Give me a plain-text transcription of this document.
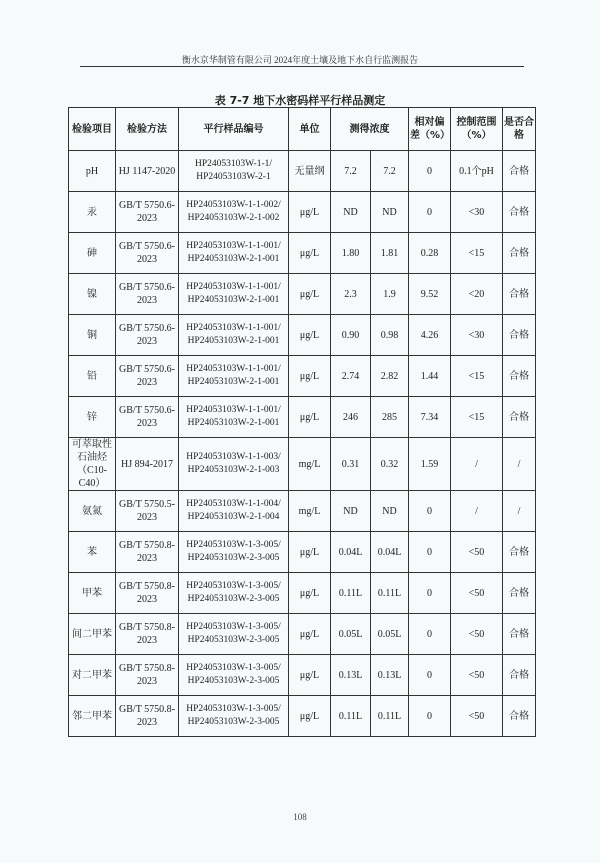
衡水京华制管有限公司 2024年度土壤及地下水自行监测报告
表 7-7 地下水密码样平行样品测定
检验项目	检验方法	平行样品编号	单位	测得浓度		相对偏差（%）	控制范围（%）	是否合格
pH	HJ 1147-2020	HP24053103W-1-1/ HP24053103W-2-1	无量纲	7.2	7.2	0	0.1个pH	合格
汞	GB/T 5750.6-2023	HP24053103W-1-1-002/ HP24053103W-2-1-002	μg/L	ND	ND	0	<30	合格
砷	GB/T 5750.6-2023	HP24053103W-1-1-001/ HP24053103W-2-1-001	μg/L	1.80	1.81	0.28	<15	合格
镍	GB/T 5750.6-2023	HP24053103W-1-1-001/ HP24053103W-2-1-001	μg/L	2.3	1.9	9.52	<20	合格
铜	GB/T 5750.6-2023	HP24053103W-1-1-001/ HP24053103W-2-1-001	μg/L	0.90	0.98	4.26	<30	合格
铅	GB/T 5750.6-2023	HP24053103W-1-1-001/ HP24053103W-2-1-001	μg/L	2.74	2.82	1.44	<15	合格
锌	GB/T 5750.6-2023	HP24053103W-1-1-001/ HP24053103W-2-1-001	μg/L	246	285	7.34	<15	合格
可萃取性石油烃（C10-C40）	HJ 894-2017	HP24053103W-1-1-003/ HP24053103W-2-1-003	mg/L	0.31	0.32	1.59	/	/
氨氮	GB/T 5750.5-2023	HP24053103W-1-1-004/ HP24053103W-2-1-004	mg/L	ND	ND	0	/	/
苯	GB/T 5750.8-2023	HP24053103W-1-3-005/ HP24053103W-2-3-005	μg/L	0.04L	0.04L	0	<50	合格
甲苯	GB/T 5750.8-2023	HP24053103W-1-3-005/ HP24053103W-2-3-005	μg/L	0.11L	0.11L	0	<50	合格
间二甲苯	GB/T 5750.8-2023	HP24053103W-1-3-005/ HP24053103W-2-3-005	μg/L	0.05L	0.05L	0	<50	合格
对二甲苯	GB/T 5750.8-2023	HP24053103W-1-3-005/ HP24053103W-2-3-005	μg/L	0.13L	0.13L	0	<50	合格
邻二甲苯	GB/T 5750.8-2023	HP24053103W-1-3-005/ HP24053103W-2-3-005	μg/L	0.11L	0.11L	0	<50	合格
108
